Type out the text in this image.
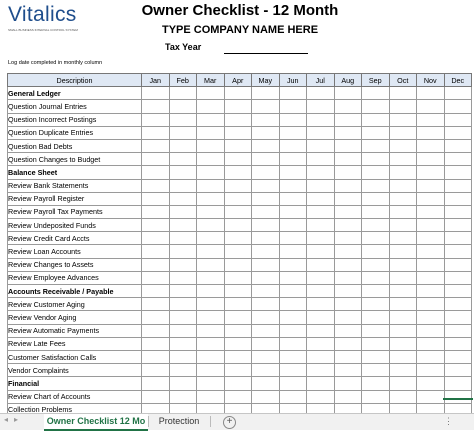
Vitalics
SMALL BUSINESS INTERNAL CONTROL SYSTEM
Owner Checklist - 12 Month
TYPE COMPANY NAME HERE
Tax Year
Log date completed in monthly column
Description	Jan	Feb	Mar	Apr	May	Jun	Jul	Aug	Sep	Oct	Nov	Dec
General Ledger												
Question Journal Entries												
Question Incorrect Postings												
Question Duplicate Entries												
Question Bad Debts												
Question Changes to Budget												
Balance Sheet												
Review Bank Statements												
Review Payroll Register												
Review Payroll Tax Payments												
Review Undeposited Funds												
Review Credit Card Accts												
Review Loan Accounts												
Review Changes to Assets												
Review Employee Advances												
Accounts Receivable / Payable												
Review Customer Aging												
Review Vendor Aging												
Review Automatic Payments												
Review Late Fees												
Customer Satisfaction Calls												
Vendor Complaints												
Financial												
Review Chart of Accounts												
Collection Problems												
◂▸	Owner Checklist 12 Mo	Protection	+	⋮
